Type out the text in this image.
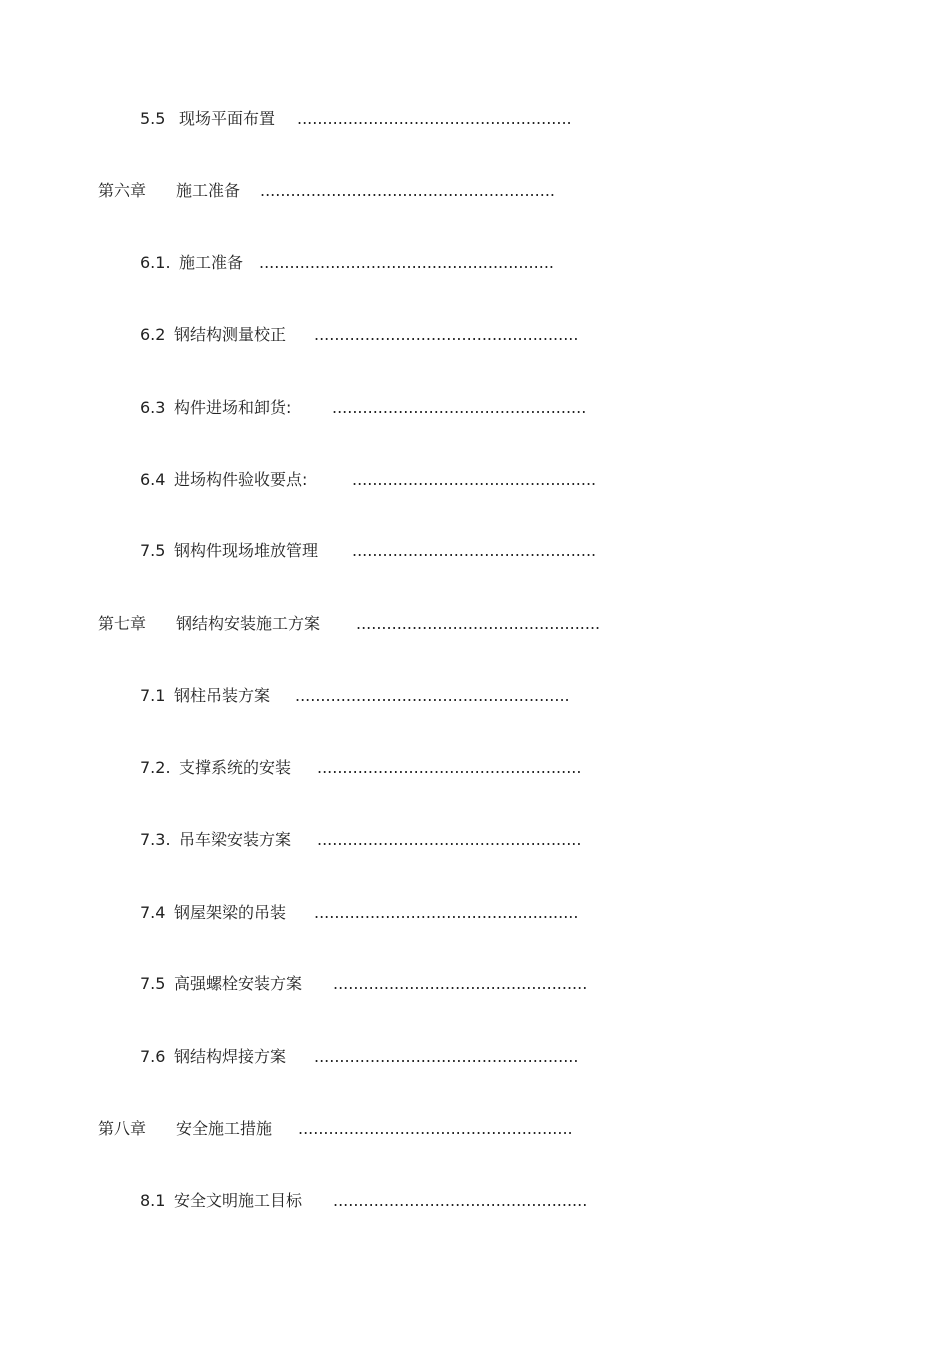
5.5 现场平面布置 ......................................................
第六章 施工准备 ..........................................................
6.1. 施工准备 ..........................................................
6.2 钢结构测量校正 ....................................................
6.3 构件进场和卸货:	..................................................
6.4 进场构件验收要点:	................................................
7.5 钢构件现场堆放管理 ................................................
第七章 钢结构安装施工方案 ................................................
7.1 钢柱吊装方案 ......................................................
7.2. 支撑系统的安装 ....................................................
7.3. 吊车梁安装方案 ....................................................
7.4 钢屋架梁的吊装 ....................................................
7.5 高强螺栓安装方案 ..................................................
7.6 钢结构焊接方案 ....................................................
第八章 安全施工措施 ......................................................
8.1 安全文明施工目标 ..................................................
